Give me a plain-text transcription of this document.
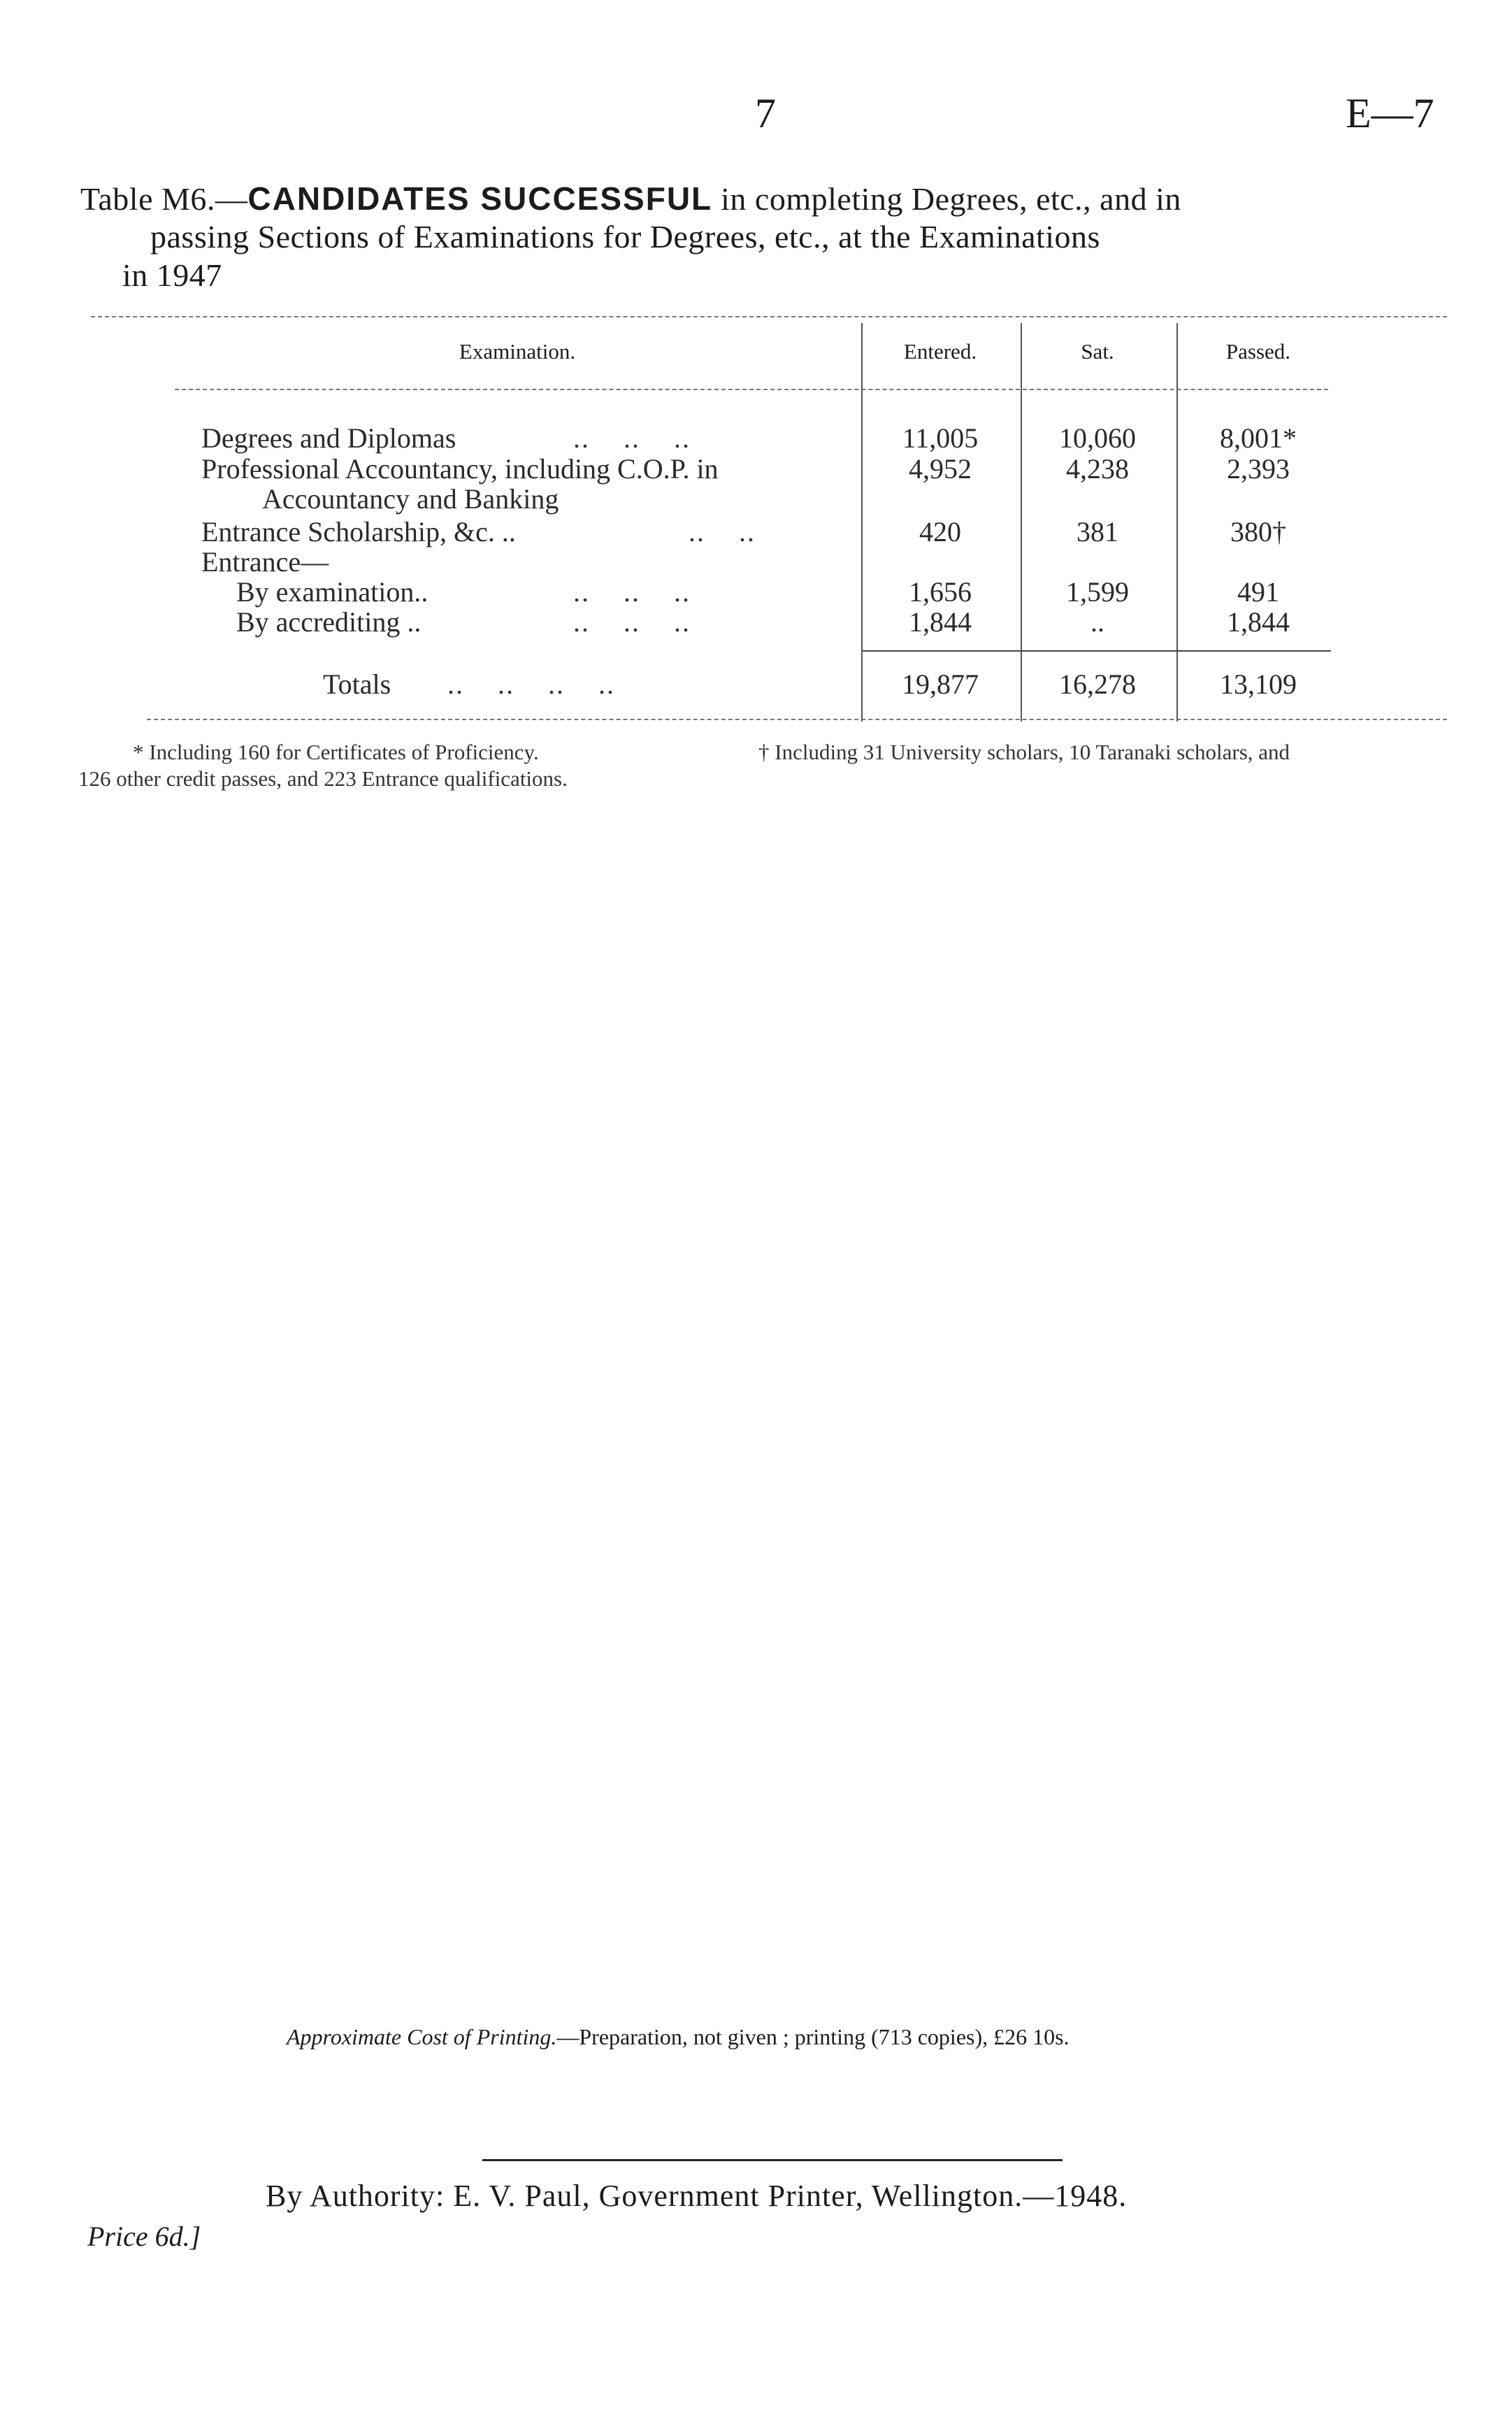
7	E—7
Table M6.—CANDIDATES SUCCESSFUL in completing Degrees, etc., and in
passing Sections of Examinations for Degrees, etc., at the Examinations
in 1947
Examination.	Entered.	Sat.	Passed.
Degrees and Diplomas	..    ..    ..	11,005	10,060	8,001*
Professional Accountancy, including C.O.P. in
Accountancy and Banking
4,952	4,238	2,393
Entrance Scholarship, &c. ..	..    ..	420	381	380†
Entrance—
By examination..	..    ..    ..	1,656	1,599	491
By accrediting ..	..    ..    ..	1,844	..	1,844
Totals ..    ..    ..    ..	19,877	16,278	13,109
* Including 160 for Certificates of Proficiency.	† Including 31 University scholars, 10 Taranaki scholars, and
126 other credit passes, and 223 Entrance qualifications.
Approximate Cost of Printing.—Preparation, not given ; printing (713 copies), £26 10s.
By Authority: E. V. Paul, Government Printer, Wellington.—1948.
Price 6d.]
